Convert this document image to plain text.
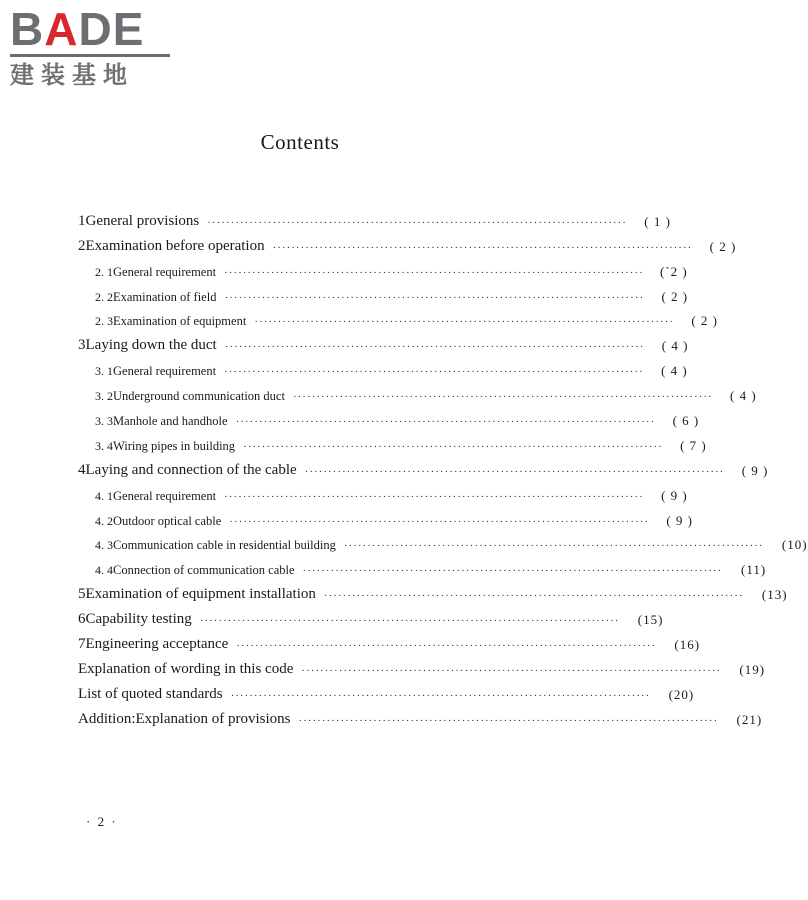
BADE
建装基地
Contents
1 General provisions ··························································································	( 1 )
2 Examination before operation ··························································································	( 2 )
2. 1 General requirement ··························································································	(`2 )
2. 2 Examination of field ··························································································	( 2 )
2. 3 Examination of equipment ··························································································	( 2 )
3 Laying down the duct ··························································································	( 4 )
3. 1 General requirement ··························································································	( 4 )
3. 2 Underground communication duct ··························································································	( 4 )
3. 3 Manhole and handhole ··························································································	( 6 )
3. 4 Wiring pipes in building ··························································································	( 7 )
4 Laying and connection of the cable ··························································································	( 9 )
4. 1 General requirement ··························································································	( 9 )
4. 2 Outdoor optical cable ··························································································	( 9 )
4. 3 Communication cable in residential building ··························································································	(10)
4. 4 Connection of communication cable ··························································································	(11)
5 Examination of equipment installation ··························································································	(13)
6 Capability testing ··························································································	(15)
7 Engineering acceptance ··························································································	(16)
Explanation of wording in this code ··························································································	(19)
List of quoted standards ··························································································	(20)
Addition:Explanation of provisions ··························································································	(21)
· 2 ·
